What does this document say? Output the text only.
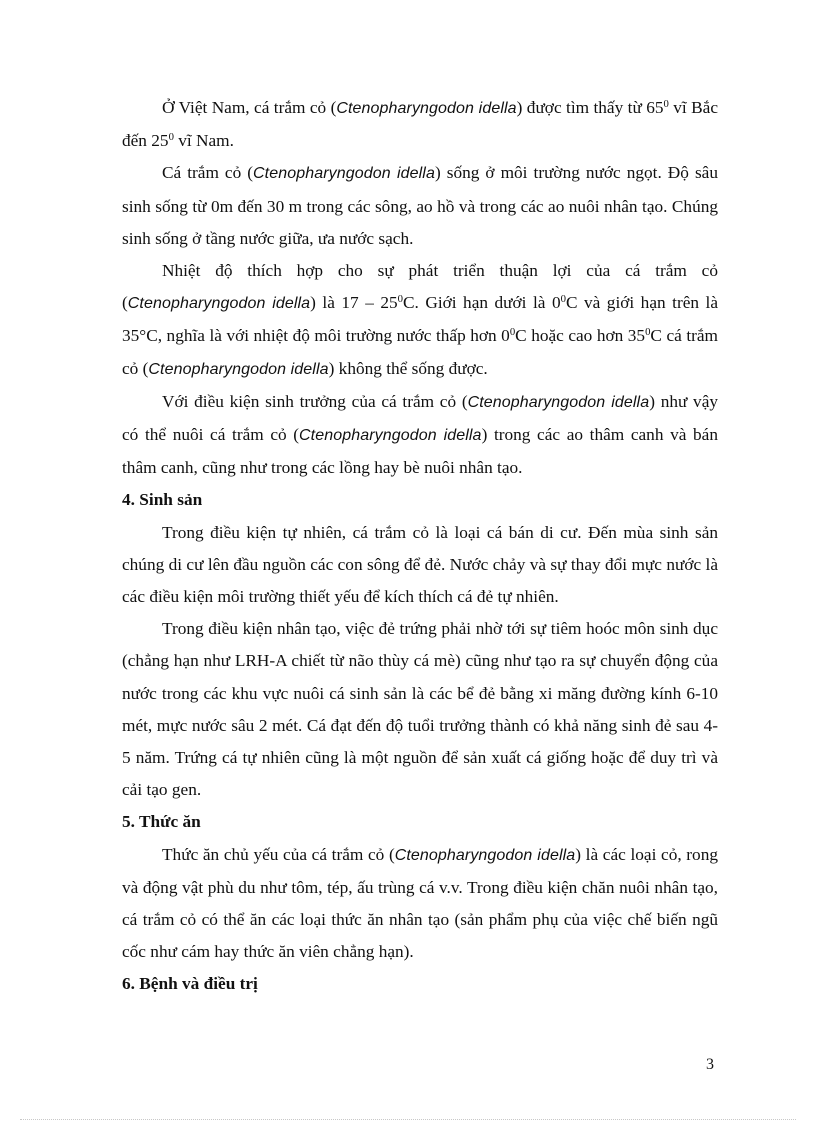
Ở Việt Nam, cá trắm cỏ (Ctenopharyngodon idella) được tìm thấy từ $65^0$ vĩ Bắc đến $25^0$ vĩ Nam.

Cá trắm cỏ (Ctenopharyngodon idella) sống ở môi trường nước ngọt. Độ sâu sinh sống từ 0m đến 30 m trong các sông, ao hồ và trong các ao nuôi nhân tạo. Chúng sinh sống ở tầng nước giữa, ưa nước sạch.

Nhiệt độ thích hợp cho sự phát triển thuận lợi của cá trắm cỏ (Ctenopharyngodon idella) là $17 - 25^0C$. Giới hạn dưới là $0^0C$ và giới hạn trên là 35°C, nghĩa là với nhiệt độ môi trường nước thấp hơn $0^0C$ hoặc cao hơn $35^0C$ cá trắm cỏ (Ctenopharyngodon idella) không thể sống được.

Với điều kiện sinh trưởng của cá trắm cỏ (Ctenopharyngodon idella) như vậy có thể nuôi cá trắm cỏ (Ctenopharyngodon idella) trong các ao thâm canh và bán thâm canh, cũng như trong các lồng hay bè nuôi nhân tạo.

4. Sinh sản

Trong điều kiện tự nhiên, cá trắm cỏ là loại cá bán di cư. Đến mùa sinh sản chúng di cư lên đầu nguồn các con sông để đẻ. Nước chảy và sự thay đổi mực nước là các điều kiện môi trường thiết yếu để kích thích cá đẻ tự nhiên.

Trong điều kiện nhân tạo, việc đẻ trứng phải nhờ tới sự tiêm hoóc môn sinh dục (chẳng hạn như LRH-A chiết từ não thùy cá mè) cũng như tạo ra sự chuyển động của nước trong các khu vực nuôi cá sinh sản là các bể đẻ bằng xi măng đường kính 6-10 mét, mực nước sâu 2 mét. Cá đạt đến độ tuổi trưởng thành có khả năng sinh đẻ sau 4-5 năm. Trứng cá tự nhiên cũng là một nguồn để sản xuất cá giống hoặc để duy trì và cải tạo gen.

5. Thức ăn

Thức ăn chủ yếu của cá trắm cỏ (Ctenopharyngodon idella) là các loại cỏ, rong và động vật phù du như tôm, tép, ấu trùng cá v.v. Trong điều kiện chăn nuôi nhân tạo, cá trắm cỏ có thể ăn các loại thức ăn nhân tạo (sản phẩm phụ của việc chế biến ngũ cốc như cám hay thức ăn viên chẳng hạn).

6. Bệnh và điều trị
3
